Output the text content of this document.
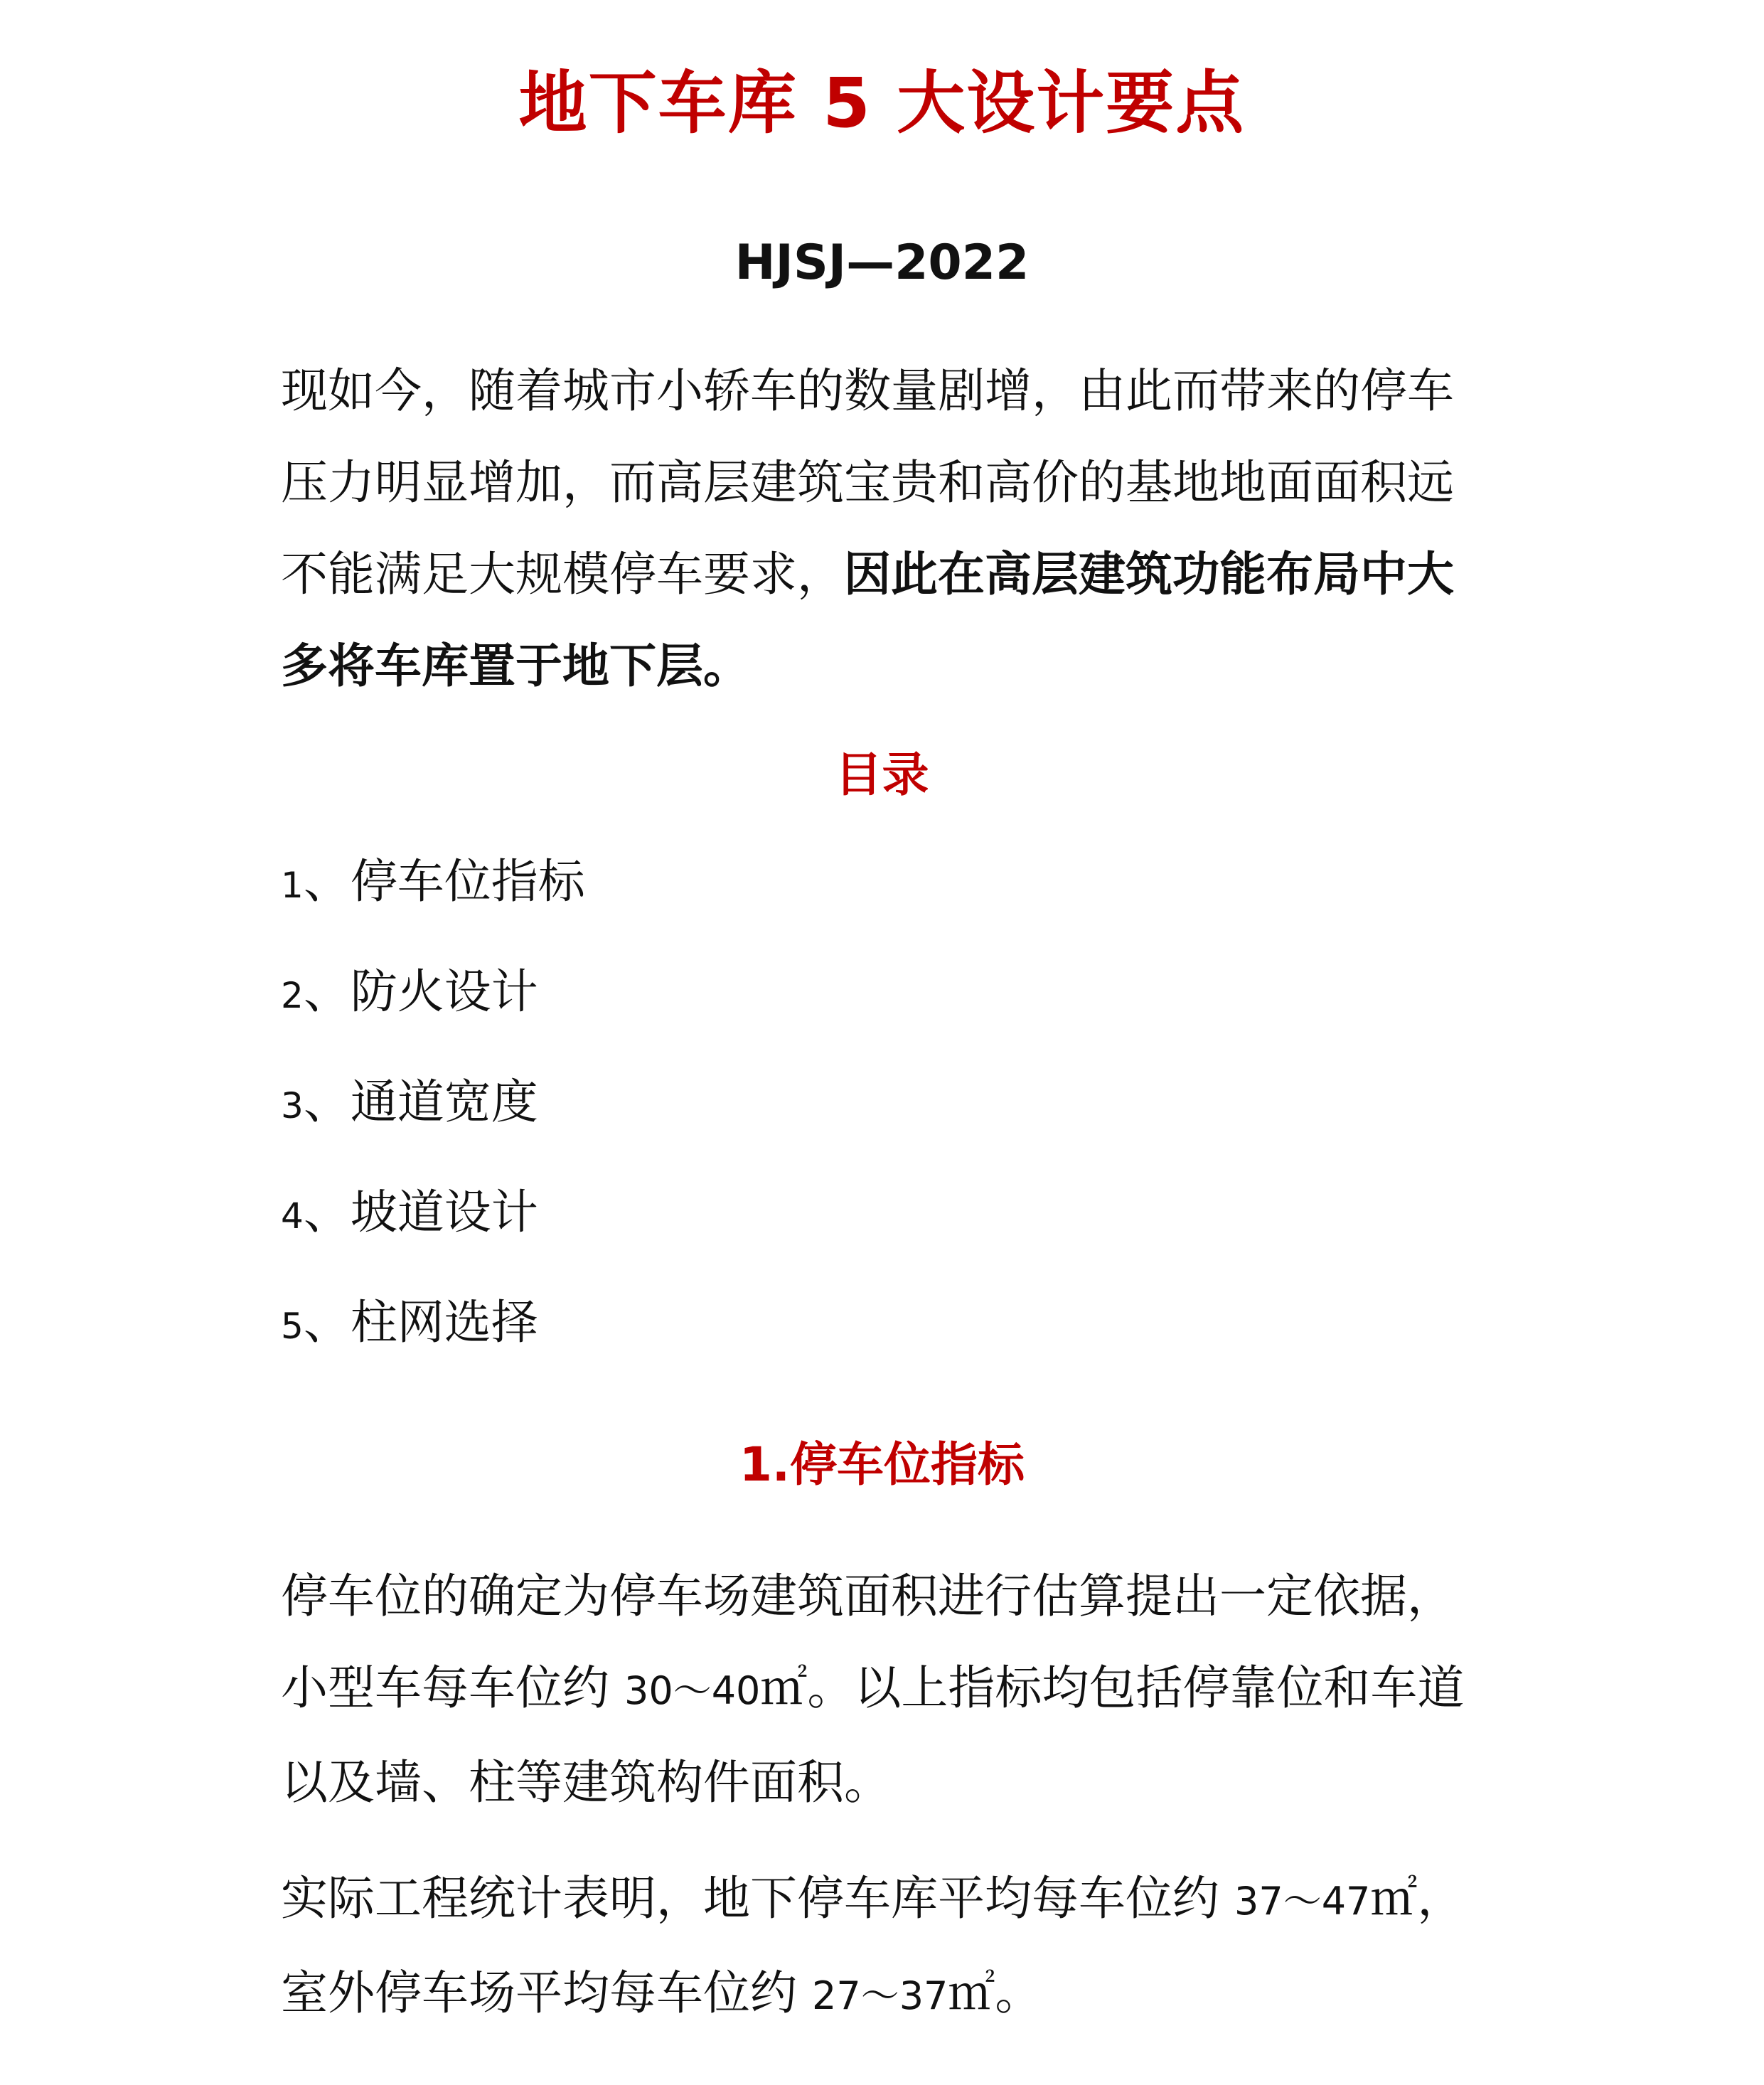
地下车库 5 大设计要点
HJSJ—2022

现如今，随着城市小轿车的数量剧增，由此而带来的停车压力明显增加，而高层建筑宝贵和高价的基地地面面积远不能满足大规模停车要求，因此在高层建筑功能布局中大多将车库置于地下层。

目录
1、停车位指标
2、防火设计
3、通道宽度
4、坡道设计
5、柱网选择
1.停车位指标

停车位的确定为停车场建筑面积进行估算提出一定依据，小型车每车位约 30～40㎡。以上指标均包括停靠位和车道以及墙、柱等建筑构件面积。

实际工程统计表明，地下停车库平均每车位约 37～47㎡，室外停车场平均每车位约 27～37㎡。
